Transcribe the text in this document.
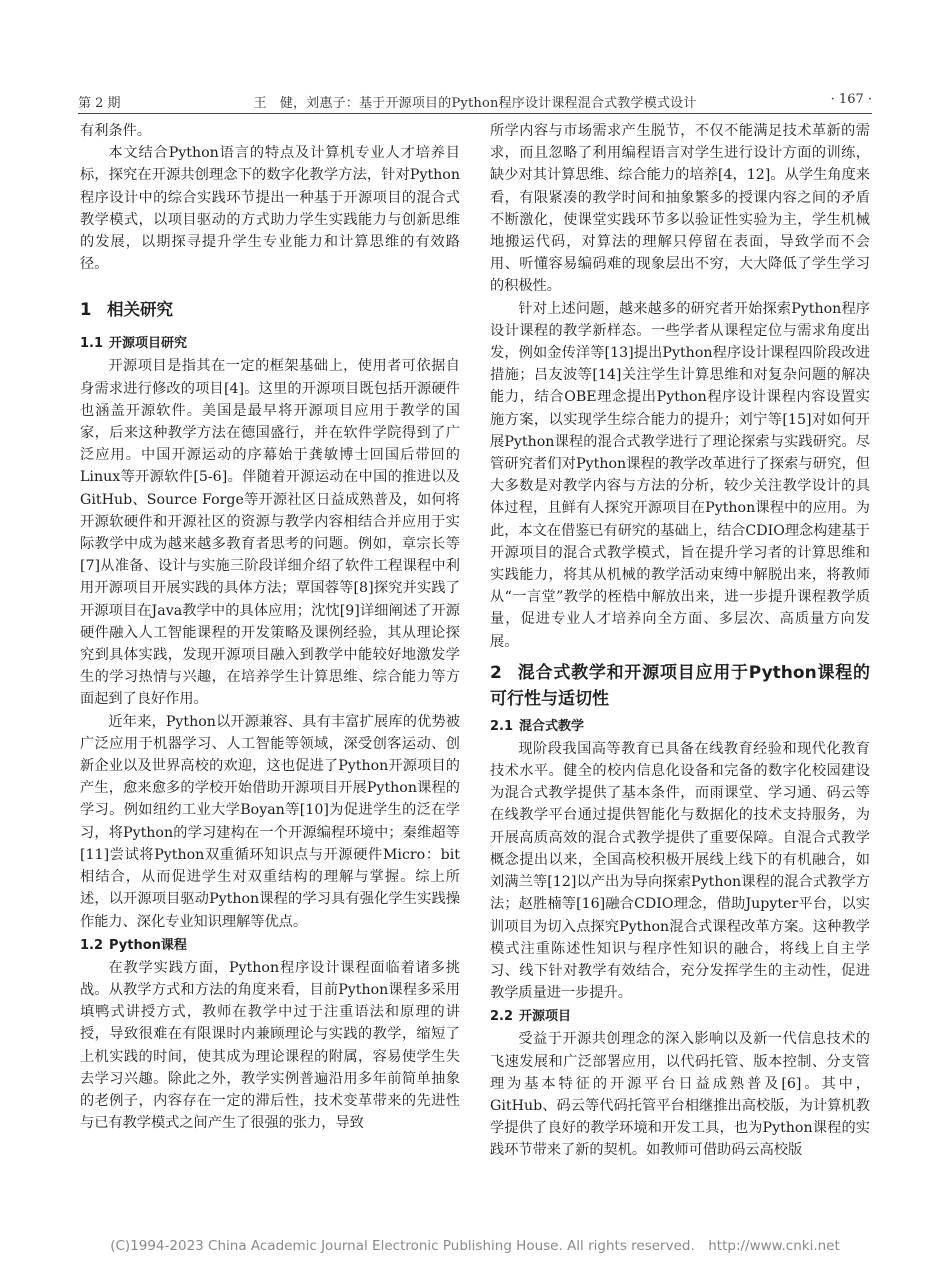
第 2 期	王　健，刘惠子：基于开源项目的Python程序设计课程混合式教学模式设计	· 167 ·

有利条件。

本文结合Python语言的特点及计算机专业人才培养目标，探究在开源共创理念下的数字化教学方法，针对Python程序设计中的综合实践环节提出一种基于开源项目的混合式教学模式，以项目驱动的方式助力学生实践能力与创新思维的发展，以期探寻提升学生专业能力和计算思维的有效路径。

1 相关研究
1.1 开源项目研究

开源项目是指其在一定的框架基础上，使用者可依据自身需求进行修改的项目[4]。这里的开源项目既包括开源硬件也涵盖开源软件。美国是最早将开源项目应用于教学的国家，后来这种教学方法在德国盛行，并在软件学院得到了广泛应用。中国开源运动的序幕始于龚敏博士回国后带回的Linux等开源软件[5-6]。伴随着开源运动在中国的推进以及GitHub、Source Forge等开源社区日益成熟普及，如何将开源软硬件和开源社区的资源与教学内容相结合并应用于实际教学中成为越来越多教育者思考的问题。例如，章宗长等[7]从准备、设计与实施三阶段详细介绍了软件工程课程中利用开源项目开展实践的具体方法；覃国蓉等[8]探究并实践了开源项目在Java教学中的具体应用；沈忱[9]详细阐述了开源硬件融入人工智能课程的开发策略及课例经验，其从理论探究到具体实践，发现开源项目融入到教学中能较好地激发学生的学习热情与兴趣，在培养学生计算思维、综合能力等方面起到了良好作用。

近年来，Python以开源兼容、具有丰富扩展库的优势被广泛应用于机器学习、人工智能等领域，深受创客运动、创新企业以及世界高校的欢迎，这也促进了Python开源项目的产生，愈来愈多的学校开始借助开源项目开展Python课程的学习。例如纽约工业大学Boyan等[10]为促进学生的泛在学习，将Python的学习建构在一个开源编程环境中；秦维超等[11]尝试将Python双重循环知识点与开源硬件Micro：bit相结合，从而促进学生对双重结构的理解与掌握。综上所述，以开源项目驱动Python课程的学习具有强化学生实践操作能力、深化专业知识理解等优点。

1.2 Python课程

在教学实践方面，Python程序设计课程面临着诸多挑战。从教学方式和方法的角度来看，目前Python课程多采用填鸭式讲授方式，教师在教学中过于注重语法和原理的讲授，导致很难在有限课时内兼顾理论与实践的教学，缩短了上机实践的时间，使其成为理论课程的附属，容易使学生失去学习兴趣。除此之外，教学实例普遍沿用多年前简单抽象的老例子，内容存在一定的滞后性，技术变革带来的先进性与已有教学模式之间产生了很强的张力，导致

所学内容与市场需求产生脱节，不仅不能满足技术革新的需求，而且忽略了利用编程语言对学生进行设计方面的训练，缺少对其计算思维、综合能力的培养[4，12]。从学生角度来看，有限紧凑的教学时间和抽象繁多的授课内容之间的矛盾不断激化，使课堂实践环节多以验证性实验为主，学生机械地搬运代码，对算法的理解只停留在表面，导致学而不会用、听懂容易编码难的现象层出不穷，大大降低了学生学习的积极性。

针对上述问题，越来越多的研究者开始探索Python程序设计课程的教学新样态。一些学者从课程定位与需求角度出发，例如金传洋等[13]提出Python程序设计课程四阶段改进措施；吕友波等[14]关注学生计算思维和对复杂问题的解决能力，结合OBE理念提出Python程序设计课程内容设置实施方案，以实现学生综合能力的提升；刘宁等[15]对如何开展Python课程的混合式教学进行了理论探索与实践研究。尽管研究者们对Python课程的教学改革进行了探索与研究，但大多数是对教学内容与方法的分析，较少关注教学设计的具体过程，且鲜有人探究开源项目在Python课程中的应用。为此，本文在借鉴已有研究的基础上，结合CDIO理念构建基于开源项目的混合式教学模式，旨在提升学习者的计算思维和实践能力，将其从机械的教学活动束缚中解脱出来，将教师从“一言堂”教学的桎梏中解放出来，进一步提升课程教学质量，促进专业人才培养向全方面、多层次、高质量方向发展。

2 混合式教学和开源项目应用于Python课程的可行性与适切性
2.1 混合式教学

现阶段我国高等教育已具备在线教育经验和现代化教育技术水平。健全的校内信息化设备和完备的数字化校园建设为混合式教学提供了基本条件，而雨课堂、学习通、码云等在线教学平台通过提供智能化与数据化的技术支持服务，为开展高质高效的混合式教学提供了重要保障。自混合式教学概念提出以来，全国高校积极开展线上线下的有机融合，如刘满兰等[12]以产出为导向探索Python课程的混合式教学方法；赵胜楠等[16]融合CDIO理念，借助Jupyter平台，以实训项目为切入点探究Python混合式课程改革方案。这种教学模式注重陈述性知识与程序性知识的融合，将线上自主学习、线下针对教学有效结合，充分发挥学生的主动性，促进教学质量进一步提升。

2.2 开源项目

受益于开源共创理念的深入影响以及新一代信息技术的飞速发展和广泛部署应用，以代码托管、版本控制、分支管理为基本特征的开源平台日益成熟普及[6]。其中，GitHub、码云等代码托管平台相继推出高校版，为计算机教学提供了良好的教学环境和开发工具，也为Python课程的实践环节带来了新的契机。如教师可借助码云高校版

(C)1994-2023 China Academic Journal Electronic Publishing House. All rights reserved.　http://www.cnki.net
